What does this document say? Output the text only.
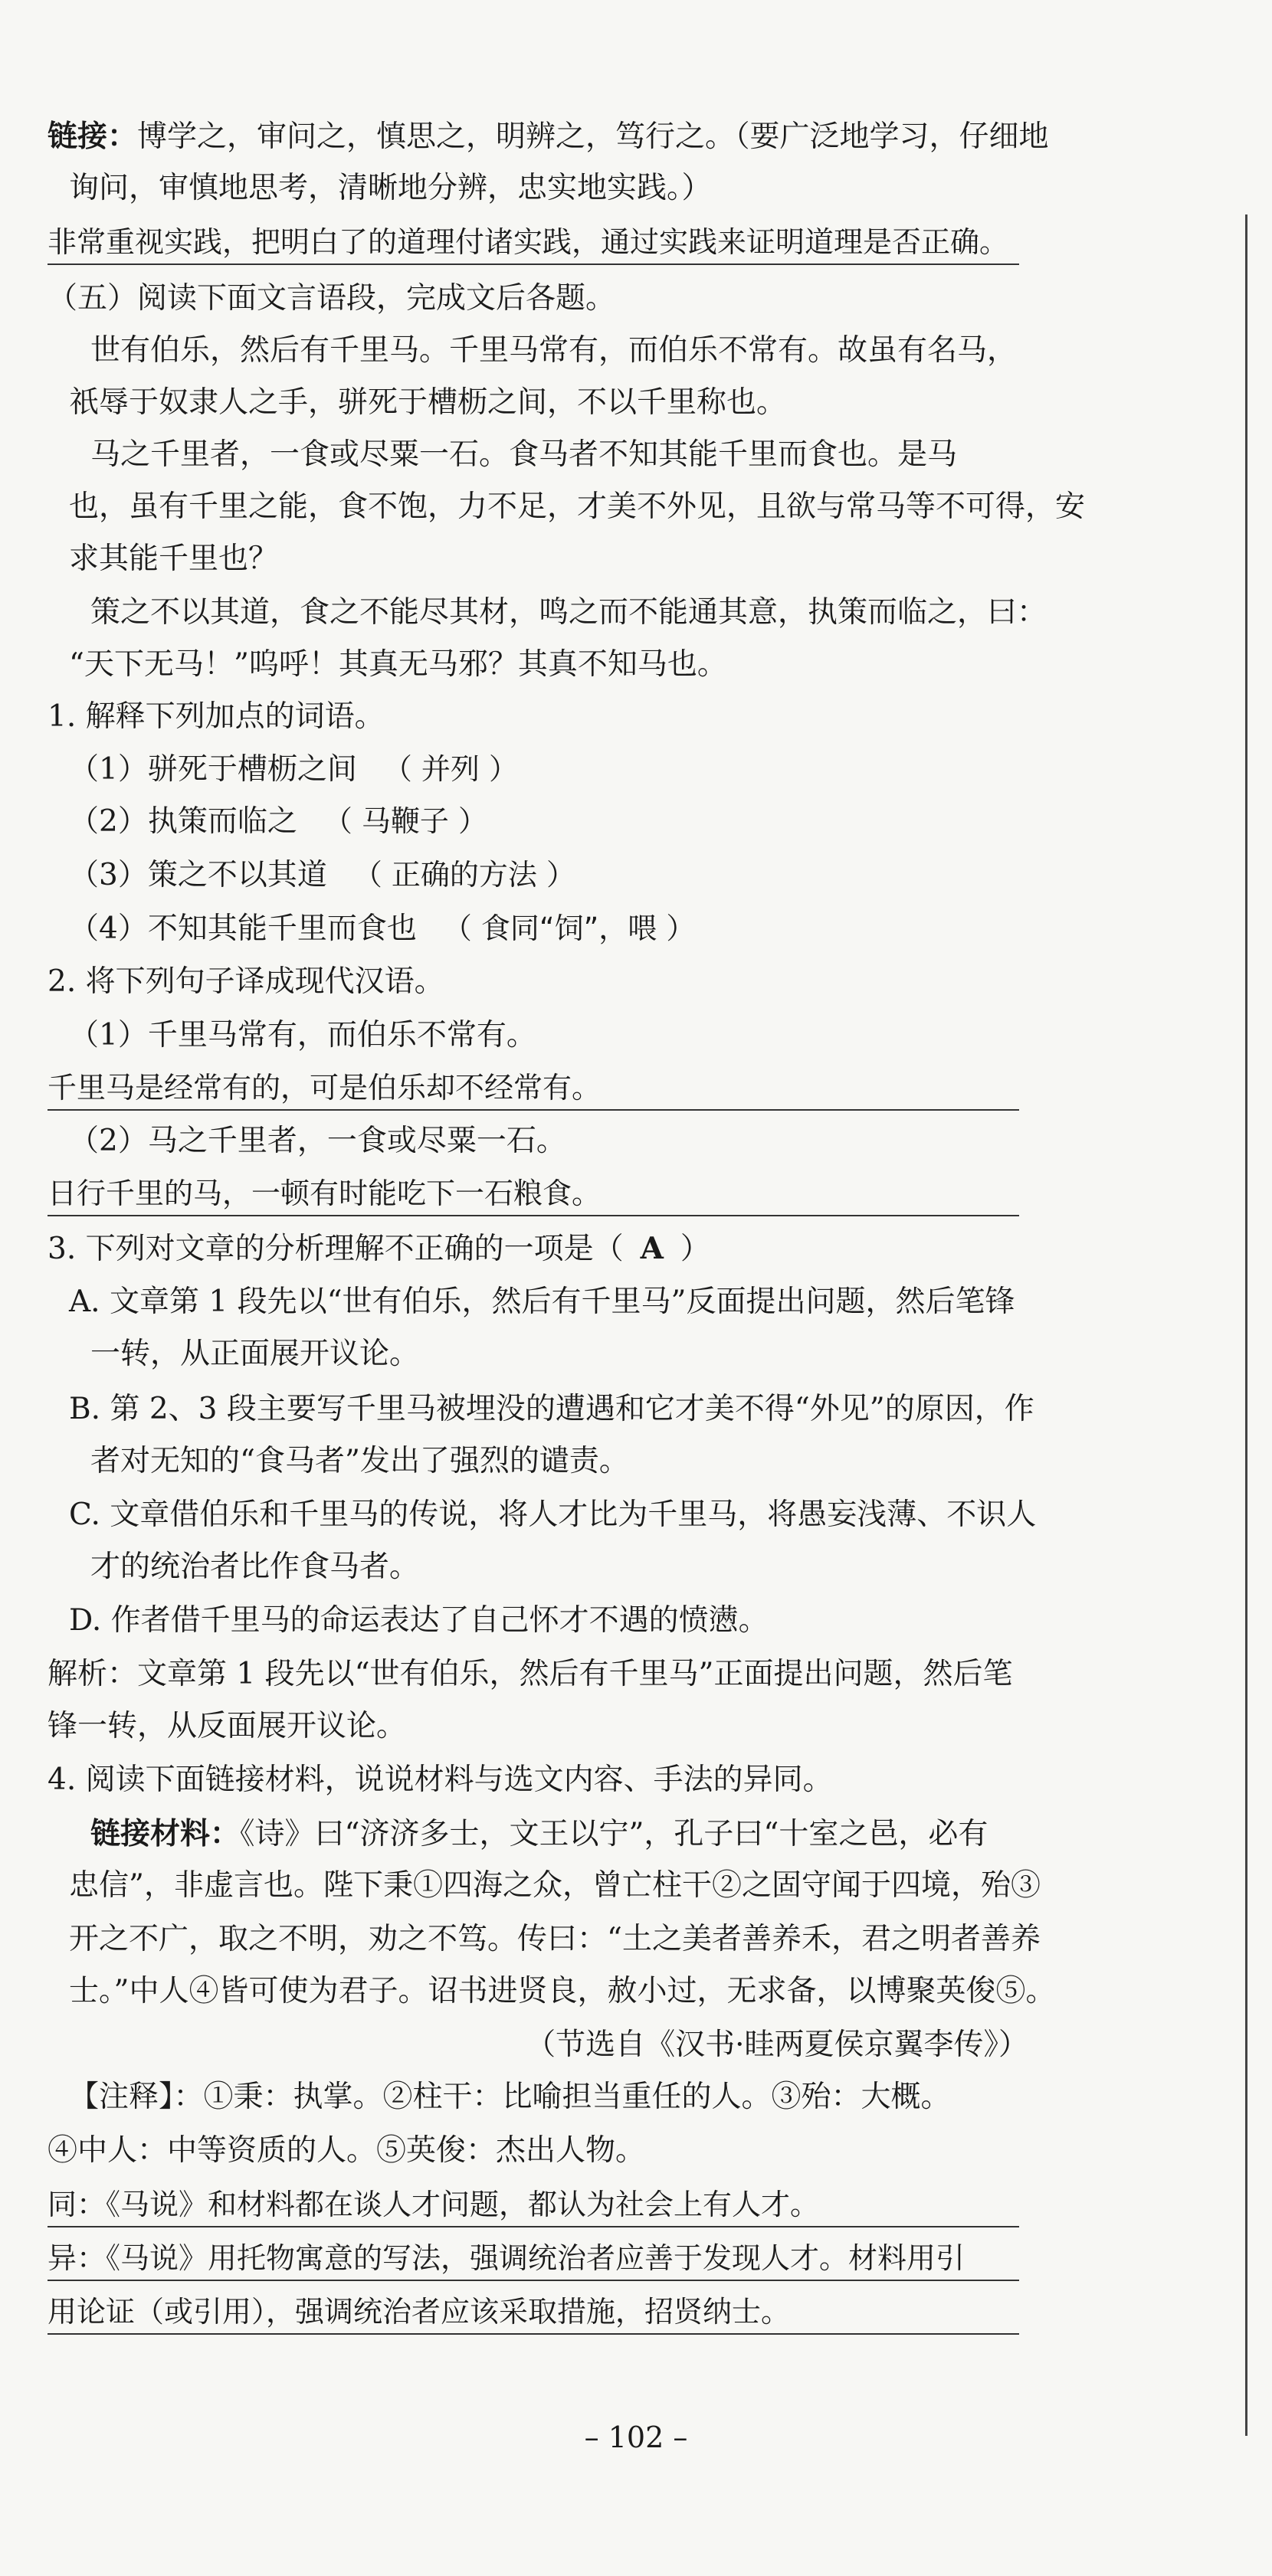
链接：博学之，审问之，慎思之，明辨之，笃行之。（要广泛地学习，仔细地
询问，审慎地思考，清晰地分辨，忠实地实践。）
非常重视实践，把明白了的道理付诸实践，通过实践来证明道理是否正确。
（五）阅读下面文言语段，完成文后各题。
世有伯乐，然后有千里马。千里马常有，而伯乐不常有。故虽有名马，
祇辱于奴隶人之手，骈死于槽枥之间，不以千里称也。
马之千里者，一食或尽粟一石。食马者不知其能千里而食也。是马
也，虽有千里之能，食不饱，力不足，才美不外见，且欲与常马等不可得，安
求其能千里也？
策之不以其道，食之不能尽其材，鸣之而不能通其意，执策而临之，曰：
“天下无马！”呜呼！其真无马邪？其真不知马也。
1. 解释下列加点的词语。
（1）骈死于槽枥之间 （ 并列 ）
（2）执策而临之 （ 马鞭子 ）
（3）策之不以其道 （ 正确的方法 ）
（4）不知其能千里而食也 （ 食同“饲”，喂 ）
2. 将下列句子译成现代汉语。
（1）千里马常有，而伯乐不常有。
千里马是经常有的，可是伯乐却不经常有。
（2）马之千里者，一食或尽粟一石。
日行千里的马，一顿有时能吃下一石粮食。
3. 下列对文章的分析理解不正确的一项是（ A ）
A. 文章第 1 段先以“世有伯乐，然后有千里马”反面提出问题，然后笔锋
一转，从正面展开议论。
B. 第 2、3 段主要写千里马被埋没的遭遇和它才美不得“外见”的原因，作
者对无知的“食马者”发出了强烈的谴责。
C. 文章借伯乐和千里马的传说，将人才比为千里马，将愚妄浅薄、不识人
才的统治者比作食马者。
D. 作者借千里马的命运表达了自己怀才不遇的愤懑。
解析：文章第 1 段先以“世有伯乐，然后有千里马”正面提出问题，然后笔
锋一转，从反面展开议论。
4. 阅读下面链接材料，说说材料与选文内容、手法的异同。
链接材料：《诗》曰“济济多士，文王以宁”，孔子曰“十室之邑，必有
忠信”，非虚言也。陛下秉①四海之众，曾亡柱干②之固守闻于四境，殆③
开之不广，取之不明，劝之不笃。传曰：“土之美者善养禾，君之明者善养
士。”中人④皆可使为君子。诏书进贤良，赦小过，无求备，以博聚英俊⑤。
（节选自《汉书·眭两夏侯京翼李传》）
【注释】：①秉：执掌。②柱干：比喻担当重任的人。③殆：大概。
④中人：中等资质的人。⑤英俊：杰出人物。
同：《马说》和材料都在谈人才问题，都认为社会上有人才。
异：《马说》用托物寓意的写法，强调统治者应善于发现人才。材料用引
用论证（或引用），强调统治者应该采取措施，招贤纳士。
– 102 –
